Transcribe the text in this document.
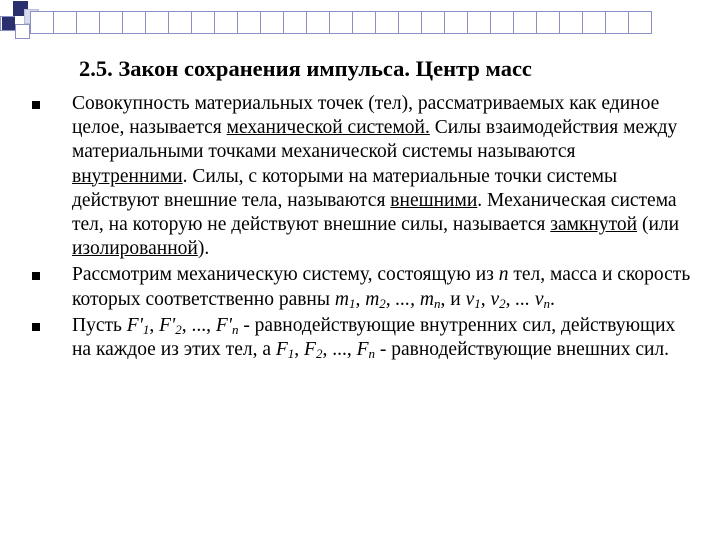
2.5. Закон сохранения импульса. Центр масс
Совокупность материальных точек (тел), рассматриваемых как единое целое, называется механической системой. Силы взаимодействия между материальными точками механической системы называются внутренними. Силы, с которыми на материальные точки системы действуют внешние тела, называются внешними. Механическая система тел, на которую не действуют внешние силы, называется замкнутой (или изолированной).
Рассмотрим механическую систему, состоящую из n тел, масса и скорость которых соответственно равны $m_1$, $m_2$, ..., $m_n$, и $v_1$, $v_2$, ... $v_n$.
Пусть $F'_1$, $F'_2$, ..., $F'_n$ - равнодействующие внутренних сил, действующих на каждое из этих тел, а $F_1$, $F_2$, ..., $F_n$ - равнодействующие внешних сил.
